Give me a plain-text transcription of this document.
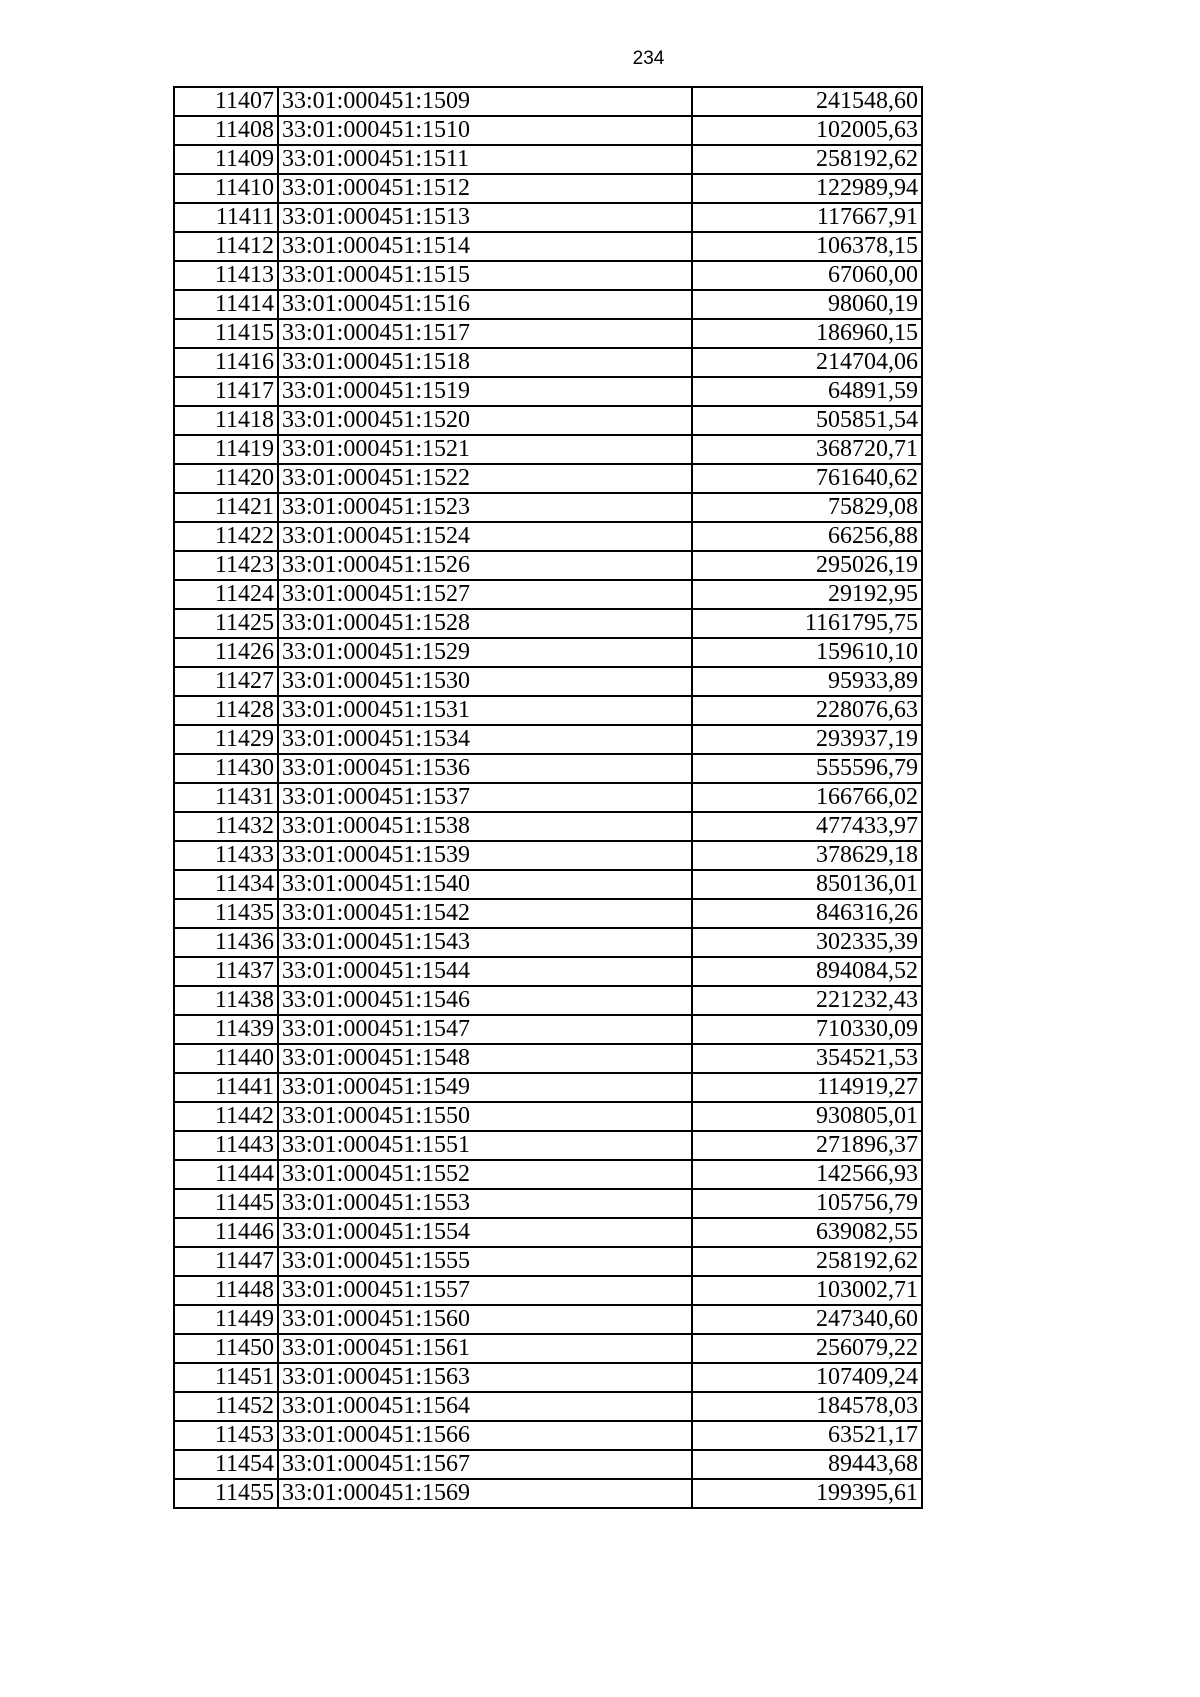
234
11407	33:01:000451:1509	241548,60
11408	33:01:000451:1510	102005,63
11409	33:01:000451:1511	258192,62
11410	33:01:000451:1512	122989,94
11411	33:01:000451:1513	117667,91
11412	33:01:000451:1514	106378,15
11413	33:01:000451:1515	67060,00
11414	33:01:000451:1516	98060,19
11415	33:01:000451:1517	186960,15
11416	33:01:000451:1518	214704,06
11417	33:01:000451:1519	64891,59
11418	33:01:000451:1520	505851,54
11419	33:01:000451:1521	368720,71
11420	33:01:000451:1522	761640,62
11421	33:01:000451:1523	75829,08
11422	33:01:000451:1524	66256,88
11423	33:01:000451:1526	295026,19
11424	33:01:000451:1527	29192,95
11425	33:01:000451:1528	1161795,75
11426	33:01:000451:1529	159610,10
11427	33:01:000451:1530	95933,89
11428	33:01:000451:1531	228076,63
11429	33:01:000451:1534	293937,19
11430	33:01:000451:1536	555596,79
11431	33:01:000451:1537	166766,02
11432	33:01:000451:1538	477433,97
11433	33:01:000451:1539	378629,18
11434	33:01:000451:1540	850136,01
11435	33:01:000451:1542	846316,26
11436	33:01:000451:1543	302335,39
11437	33:01:000451:1544	894084,52
11438	33:01:000451:1546	221232,43
11439	33:01:000451:1547	710330,09
11440	33:01:000451:1548	354521,53
11441	33:01:000451:1549	114919,27
11442	33:01:000451:1550	930805,01
11443	33:01:000451:1551	271896,37
11444	33:01:000451:1552	142566,93
11445	33:01:000451:1553	105756,79
11446	33:01:000451:1554	639082,55
11447	33:01:000451:1555	258192,62
11448	33:01:000451:1557	103002,71
11449	33:01:000451:1560	247340,60
11450	33:01:000451:1561	256079,22
11451	33:01:000451:1563	107409,24
11452	33:01:000451:1564	184578,03
11453	33:01:000451:1566	63521,17
11454	33:01:000451:1567	89443,68
11455	33:01:000451:1569	199395,61
